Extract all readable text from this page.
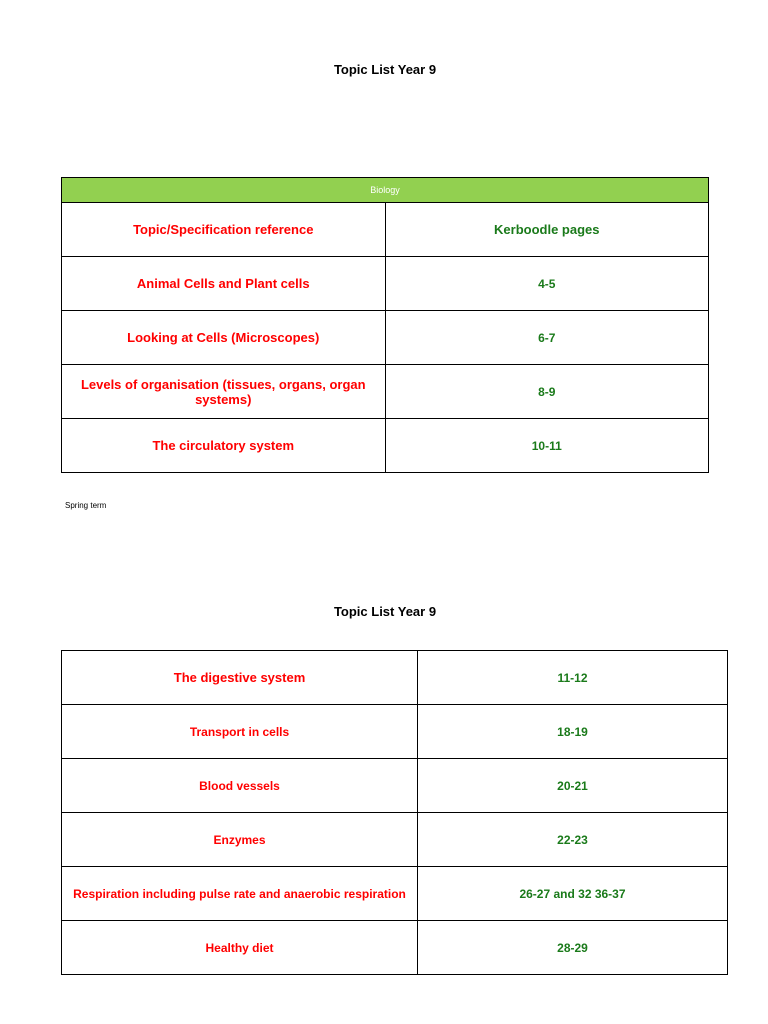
Topic List Year 9
Biology	
Topic/Specification reference	Kerboodle pages
Animal Cells and Plant cells	4-5
Looking at Cells (Microscopes)	6-7
Levels of organisation (tissues, organs, organ systems)	8-9
The circulatory system	10-11
Spring term
Topic List Year 9
The digestive system	11-12
Transport in cells	18-19
Blood vessels	20-21
Enzymes	22-23
Respiration including pulse rate and anaerobic respiration	26-27 and 32 36-37
Healthy diet	28-29
